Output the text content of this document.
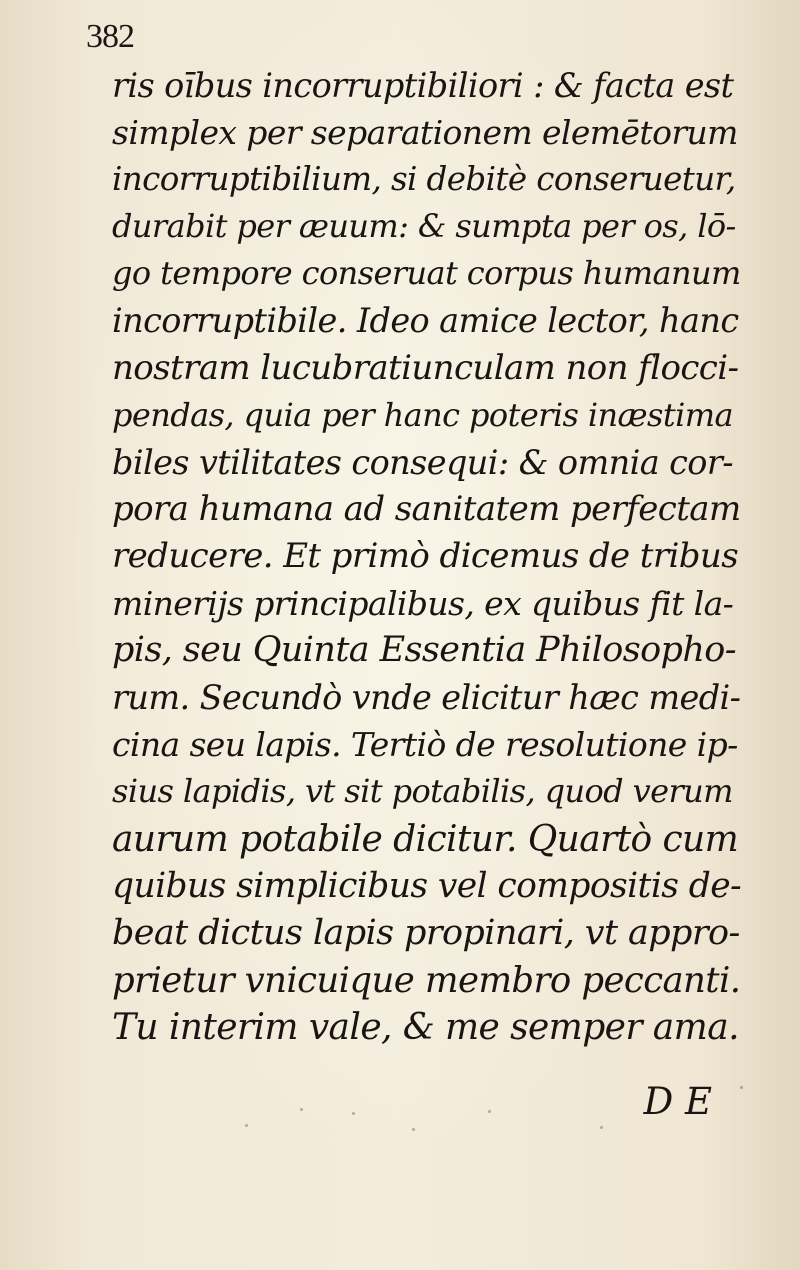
382
ris oībus incorruptibiliori : & facta est
simplex per separationem elemētorum
incorruptibilium, si debitè conseruetur,
durabit per æuum: & sumpta per os, lō-
go tempore conseruat corpus humanum
incorruptibile. Ideo amice lector, hanc
nostram lucubratiunculam non flocci-
pendas, quia per hanc poteris inæstima
biles vtilitates consequi: & omnia cor-
pora humana ad sanitatem perfectam
reducere. Et primò dicemus de tribus
minerijs principalibus, ex quibus fit la-
pis, seu Quinta Essentia Philosopho-
rum. Secundò vnde elicitur hæc medi-
cina seu lapis. Tertiò de resolutione ip-
sius lapidis, vt sit potabilis, quod verum
aurum potabile dicitur. Quartò cum
quibus simplicibus vel compositis de-
beat dictus lapis propinari, vt appro-
prietur vnicuique membro peccanti.
Tu interim vale, & me semper ama.
D E
